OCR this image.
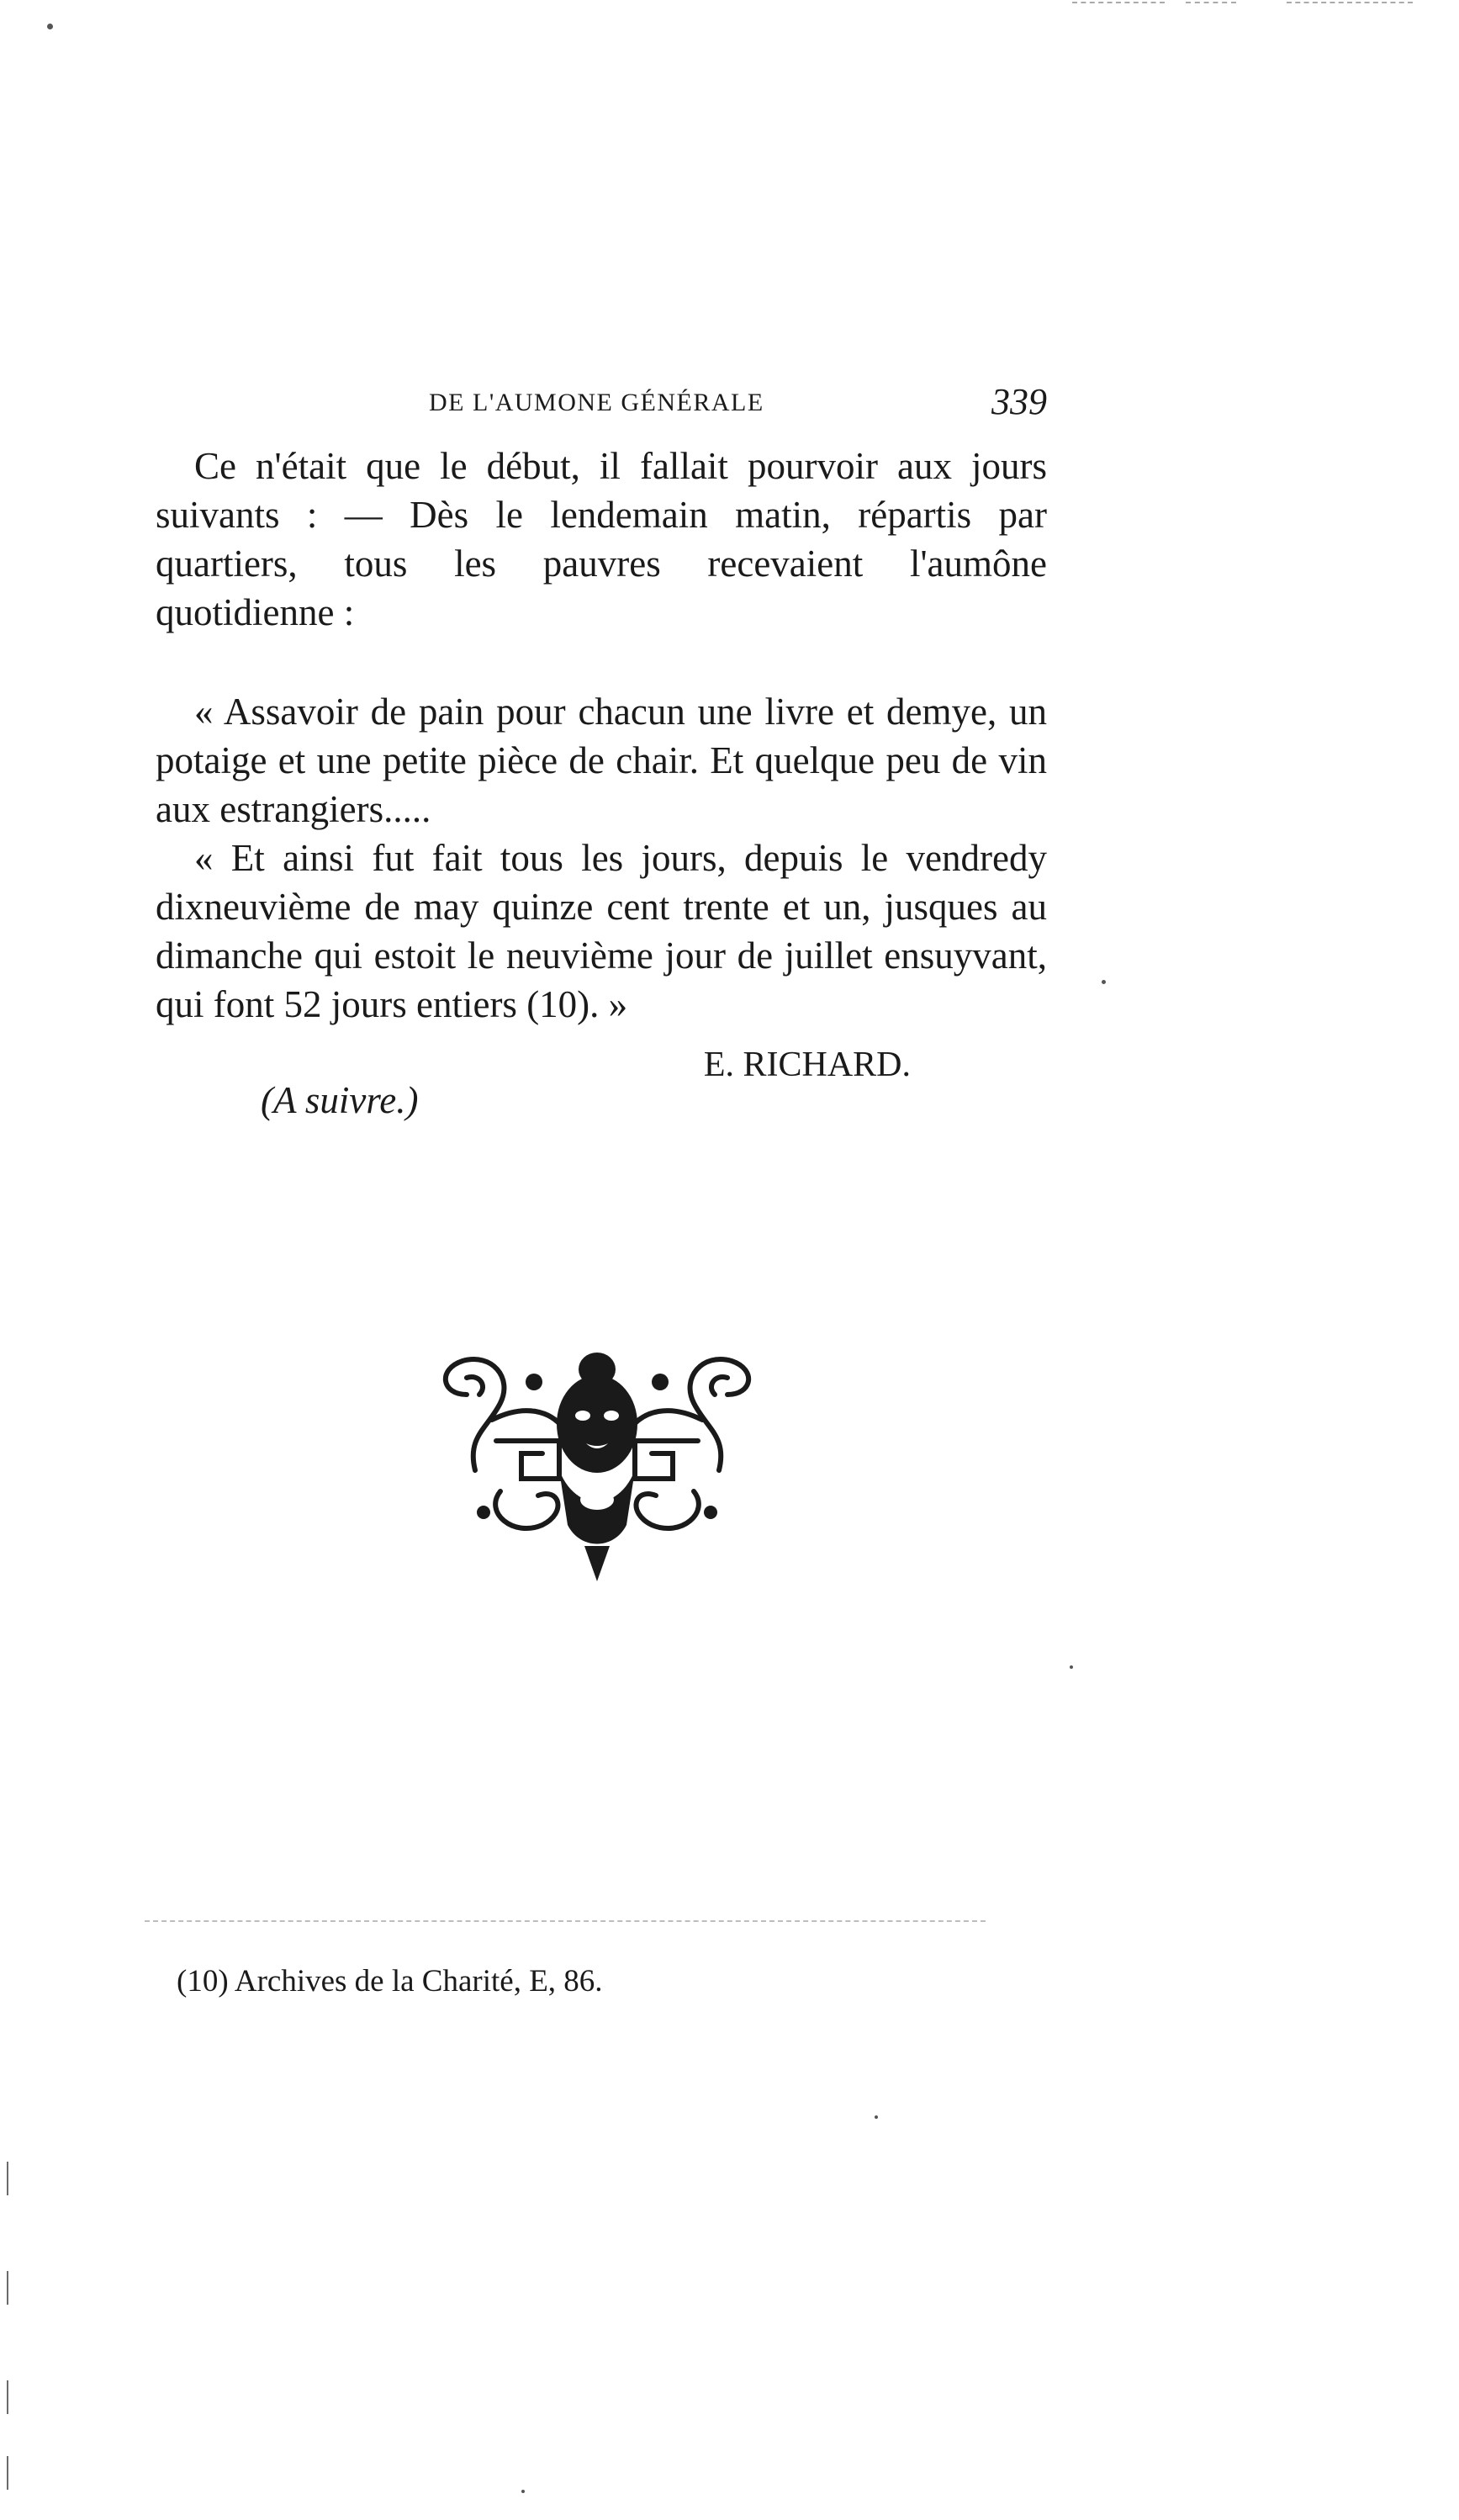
DE L'AUMONE GÉNÉRALE	339

Ce n'était que le début, il fallait pourvoir aux jours suivants : — Dès le lendemain matin, répartis par quartiers, tous les pauvres recevaient l'aumône quotidienne :

« Assavoir de pain pour chacun une livre et demye, un potaige et une petite pièce de chair. Et quelque peu de vin aux estrangiers.....

« Et ainsi fut fait tous les jours, depuis le vendredy dixneuvième de may quinze cent trente et un, jusques au dimanche qui estoit le neuvième jour de juillet ensuyvant, qui font 52 jours entiers (10). »

E. RICHARD.
(A suivre.)
(10) Archives de la Charité, E, 86.
